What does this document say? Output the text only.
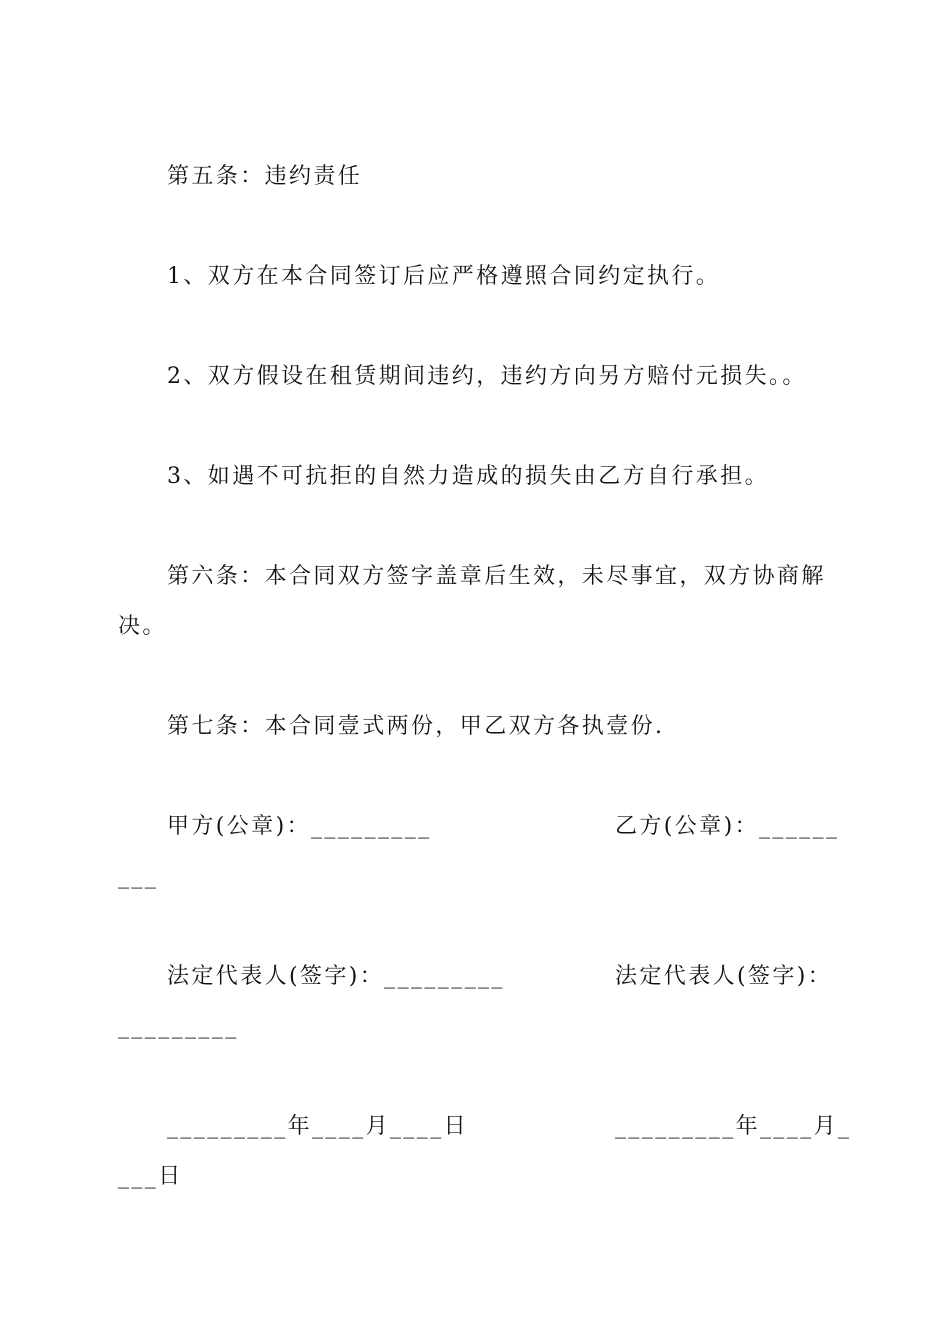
第五条：违约责任
1、双方在本合同签订后应严格遵照合同约定执行。
2、双方假设在租赁期间违约，违约方向另方赔付元损失。。
3、如遇不可抗拒的自然力造成的损失由乙方自行承担。
第六条：本合同双方签字盖章后生效，未尽事宜，双方协商解
决。
第七条：本合同壹式两份，甲乙双方各执壹份.
甲方(公章)：_________	乙方(公章)：______
___
法定代表人(签字)：_________	法定代表人(签字)：
_________
_________年____月____日	_________年____月_
___日
